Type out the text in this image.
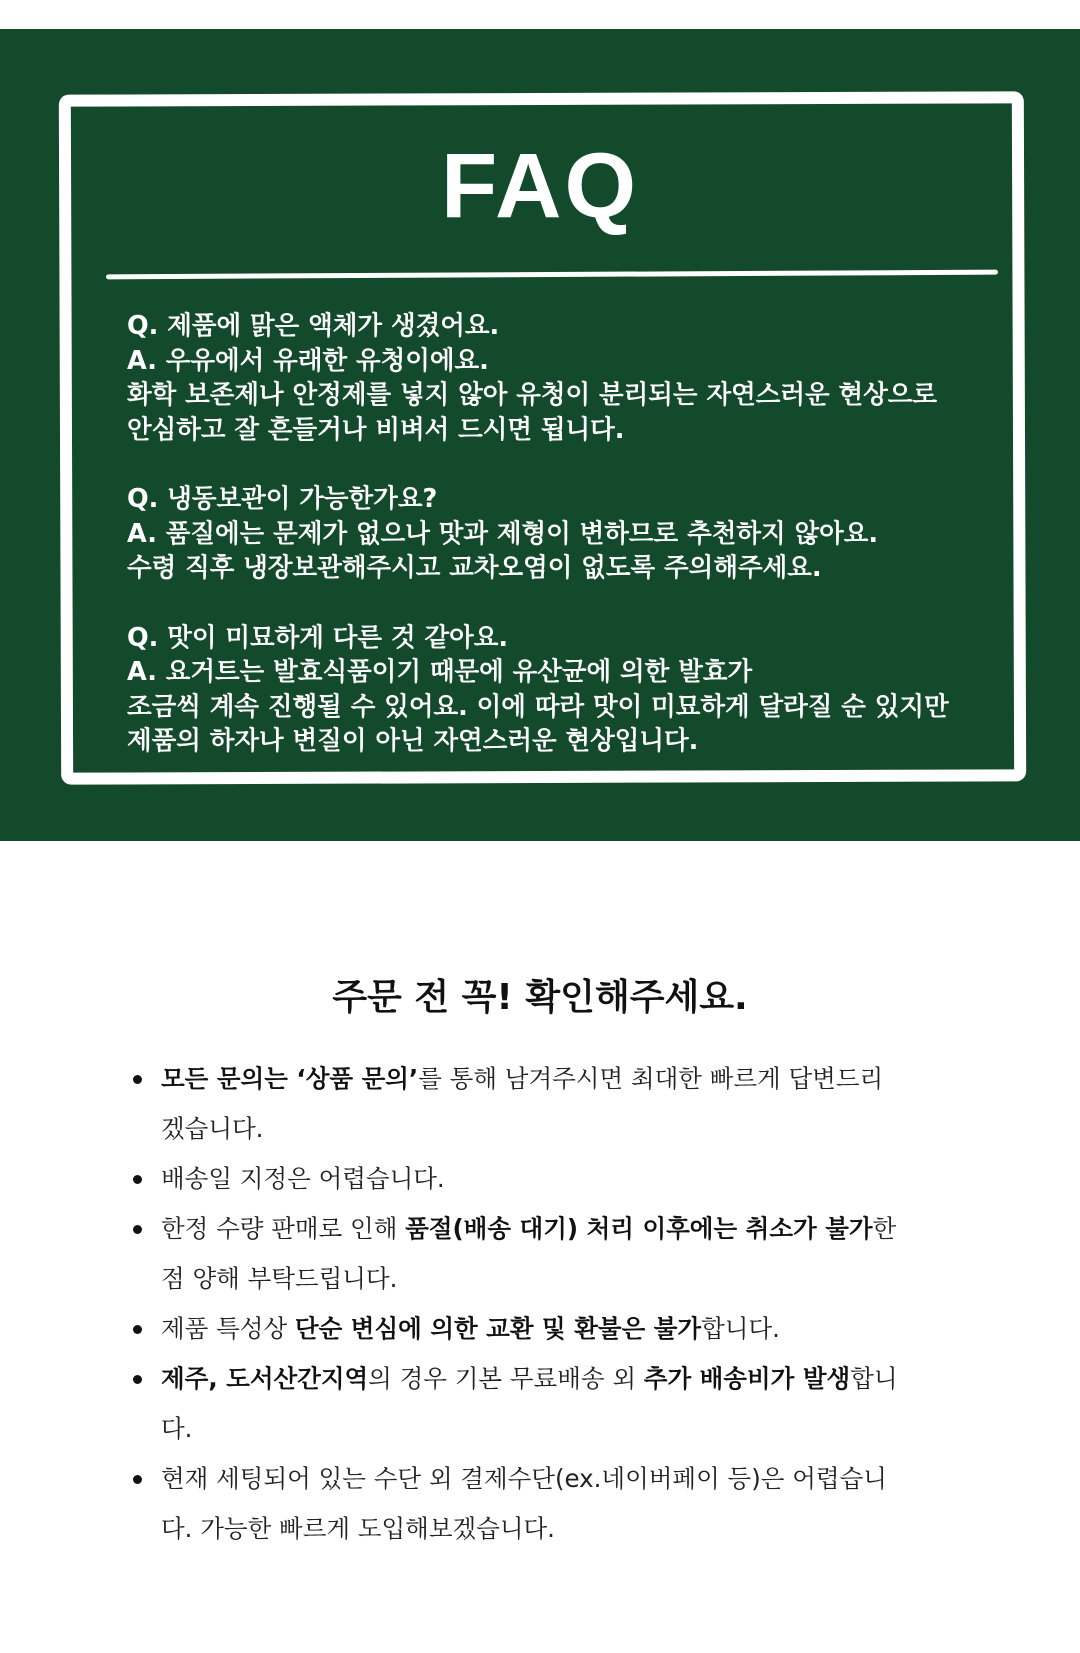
FAQ

Q. 제품에 맑은 액체가 생겼어요.

A. 우유에서 유래한 유청이에요.

화학 보존제나 안정제를 넣지 않아 유청이 분리되는 자연스러운 현상으로

안심하고 잘 흔들거나 비벼서 드시면 됩니다.

Q. 냉동보관이 가능한가요?

A. 품질에는 문제가 없으나 맛과 제형이 변하므로 추천하지 않아요.

수령 직후 냉장보관해주시고 교차오염이 없도록 주의해주세요.

Q. 맛이 미묘하게 다른 것 같아요.

A. 요거트는 발효식품이기 때문에 유산균에 의한 발효가

조금씩 계속 진행될 수 있어요. 이에 따라 맛이 미묘하게 달라질 순 있지만

제품의 하자나 변질이 아닌 자연스러운 현상입니다.

주문 전 꼭! 확인해주세요.
모든 문의는 ‘상품 문의’를 통해 남겨주시면 최대한 빠르게 답변드리
겠습니다.
배송일 지정은 어렵습니다.
한정 수량 판매로 인해 품절(배송 대기) 처리 이후에는 취소가 불가한
점 양해 부탁드립니다.
제품 특성상 단순 변심에 의한 교환 및 환불은 불가합니다.
제주, 도서산간지역의 경우 기본 무료배송 외 추가 배송비가 발생합니
다.
현재 세팅되어 있는 수단 외 결제수단(ex.네이버페이 등)은 어렵습니
다. 가능한 빠르게 도입해보겠습니다.
